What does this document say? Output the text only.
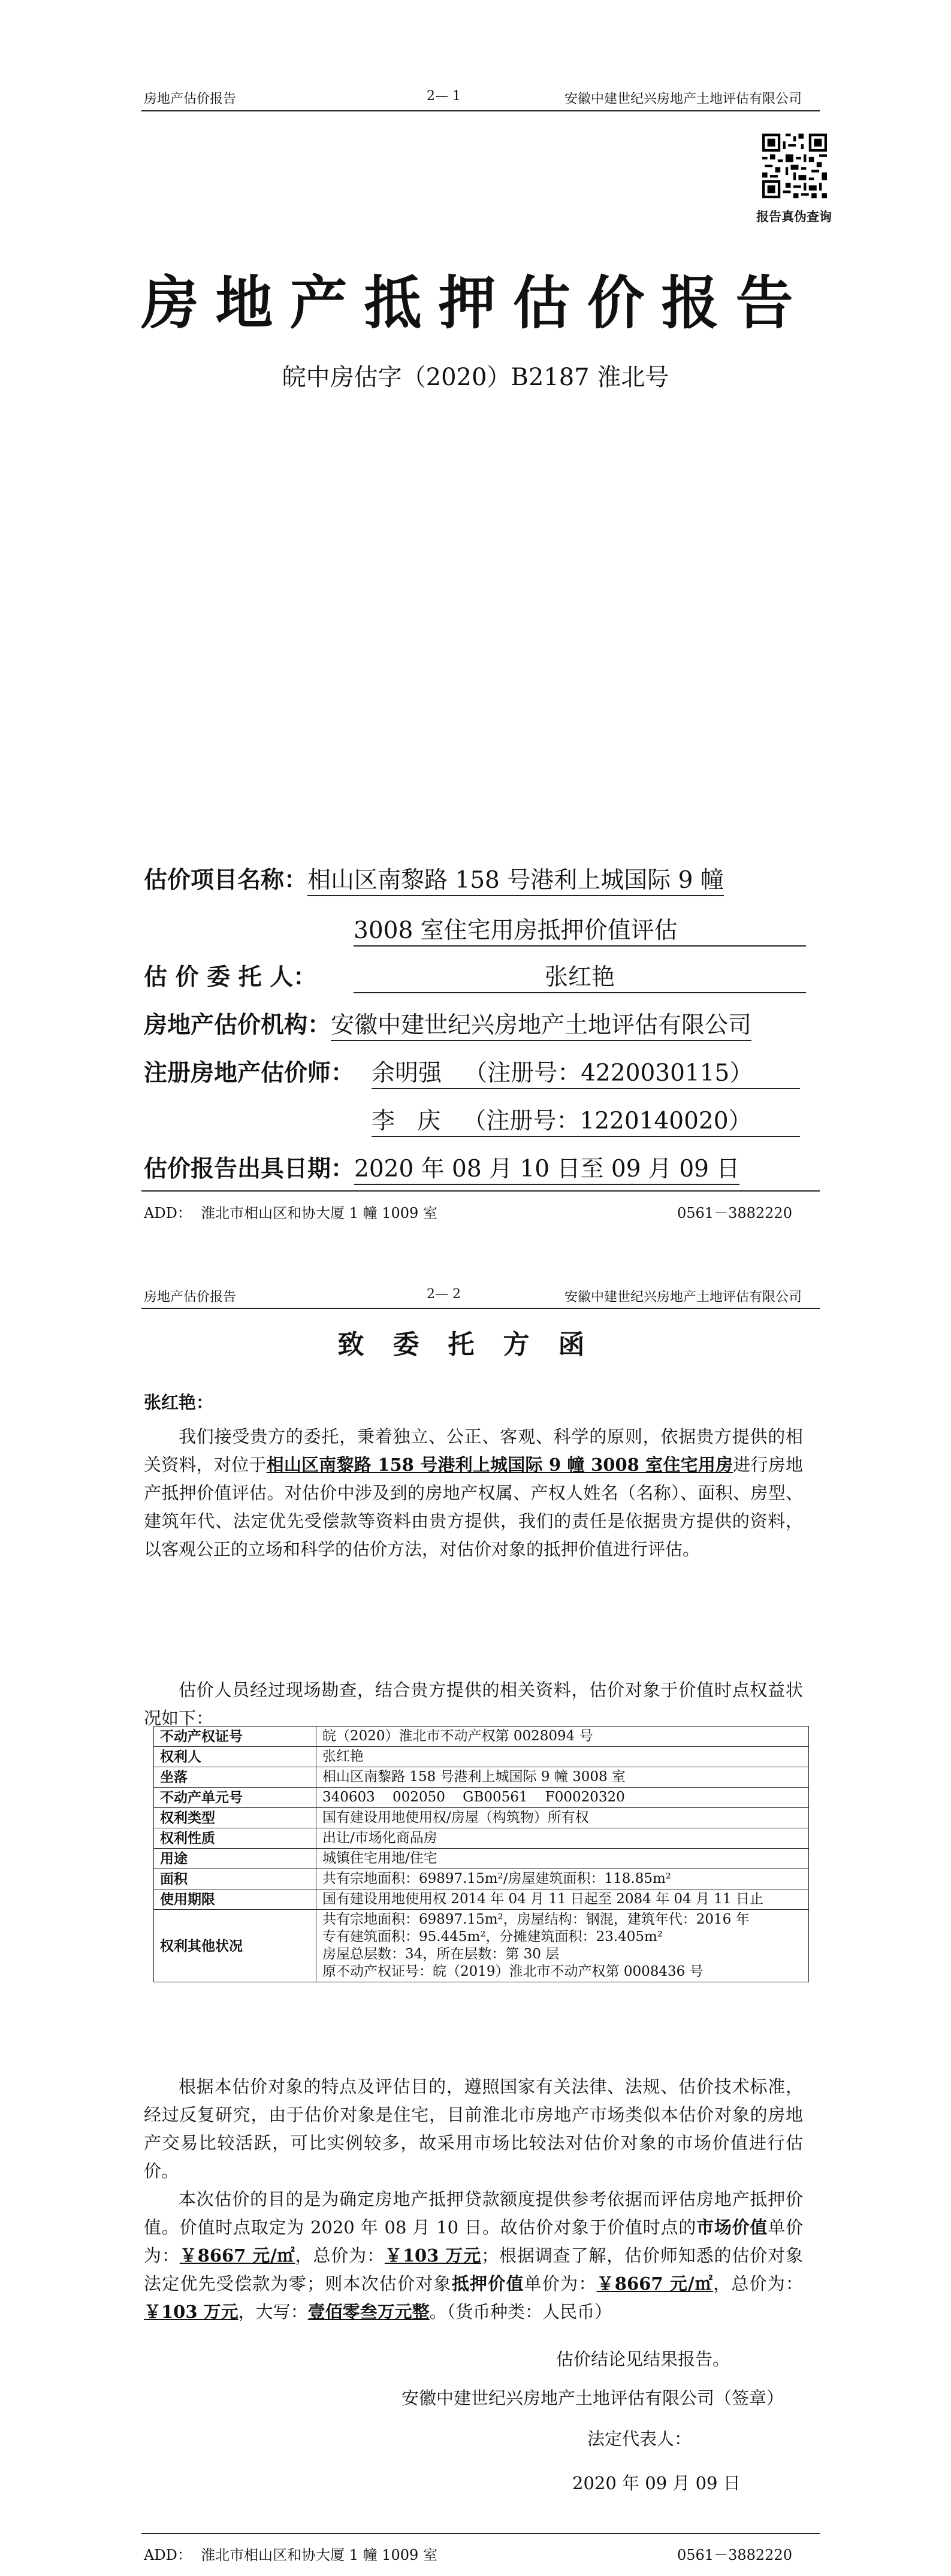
房地产估价报告	2— 1	安徽中建世纪兴房地产土地评估有限公司
报告真伪查询
房地产抵押估价报告
皖中房估字（2020）B2187 淮北号
估价项目名称：相山区南黎路 158 号港利上城国际 9 幢
3008 室住宅用房抵押价值评估
估 价 委 托 人：	张红艳
房地产估价机构：安徽中建世纪兴房地产土地评估有限公司
注册房地产估价师： 余明强   （注册号：4220030115）
李   庆   （注册号：1220140020）
估价报告出具日期：2020 年 08 月 10 日至 09 月 09 日
ADD：  淮北市相山区和协大厦 1 幢 1009 室	0561－3882220
房地产估价报告	2— 2	安徽中建世纪兴房地产土地评估有限公司
致委托方函
张红艳：
我们接受贵方的委托，秉着独立、公正、客观、科学的原则，依据贵方提供的相关资料，对位于相山区南黎路 158 号港利上城国际 9 幢 3008 室住宅用房进行房地产抵押价值评估。对估价中涉及到的房地产权属、产权人姓名（名称）、面积、房型、建筑年代、法定优先受偿款等资料由贵方提供，我们的责任是依据贵方提供的资料，以客观公正的立场和科学的估价方法，对估价对象的抵押价值进行评估。
估价人员经过现场勘查，结合贵方提供的相关资料，估价对象于价值时点权益状况如下：
不动产权证号	皖（2020）淮北市不动产权第 0028094 号

权利人	张红艳

坐落	相山区南黎路 158 号港利上城国际 9 幢 3008 室

不动产单元号	340603    002050    GB00561    F00020320

权利类型	国有建设用地使用权/房屋（构筑物）所有权

权利性质	出让/市场化商品房

用途	城镇住宅用地/住宅

面积	共有宗地面积：69897.15m²/房屋建筑面积：118.85m²

使用期限	国有建设用地使用权 2014 年 04 月 11 日起至 2084 年 04 月 11 日止

权利其他状况	共有宗地面积：69897.15m²，房屋结构：钢混，建筑年代：2016 年
专有建筑面积：95.445m²，分摊建筑面积：23.405m²
房屋总层数：34，所在层数：第 30 层
原不动产权证号：皖（2019）淮北市不动产权第 0008436 号
根据本估价对象的特点及评估目的，遵照国家有关法律、法规、估价技术标准，经过反复研究，由于估价对象是住宅，目前淮北市房地产市场类似本估价对象的房地产交易比较活跃，可比实例较多，故采用市场比较法对估价对象的市场价值进行估价。
本次估价的目的是为确定房地产抵押贷款额度提供参考依据而评估房地产抵押价值。价值时点取定为 2020 年 08 月 10 日。故估价对象于价值时点的市场价值单价为：￥8667 元/㎡，总价为：￥103 万元；根据调查了解，估价师知悉的估价对象法定优先受偿款为零；则本次估价对象抵押价值单价为：￥8667 元/㎡，总价为：￥103 万元，大写：壹佰零叁万元整。（货币种类：人民币）
估价结论见结果报告。
安徽中建世纪兴房地产土地评估有限公司（签章）
法定代表人：
2020 年 09 月 09 日
ADD：  淮北市相山区和协大厦 1 幢 1009 室	0561－3882220
